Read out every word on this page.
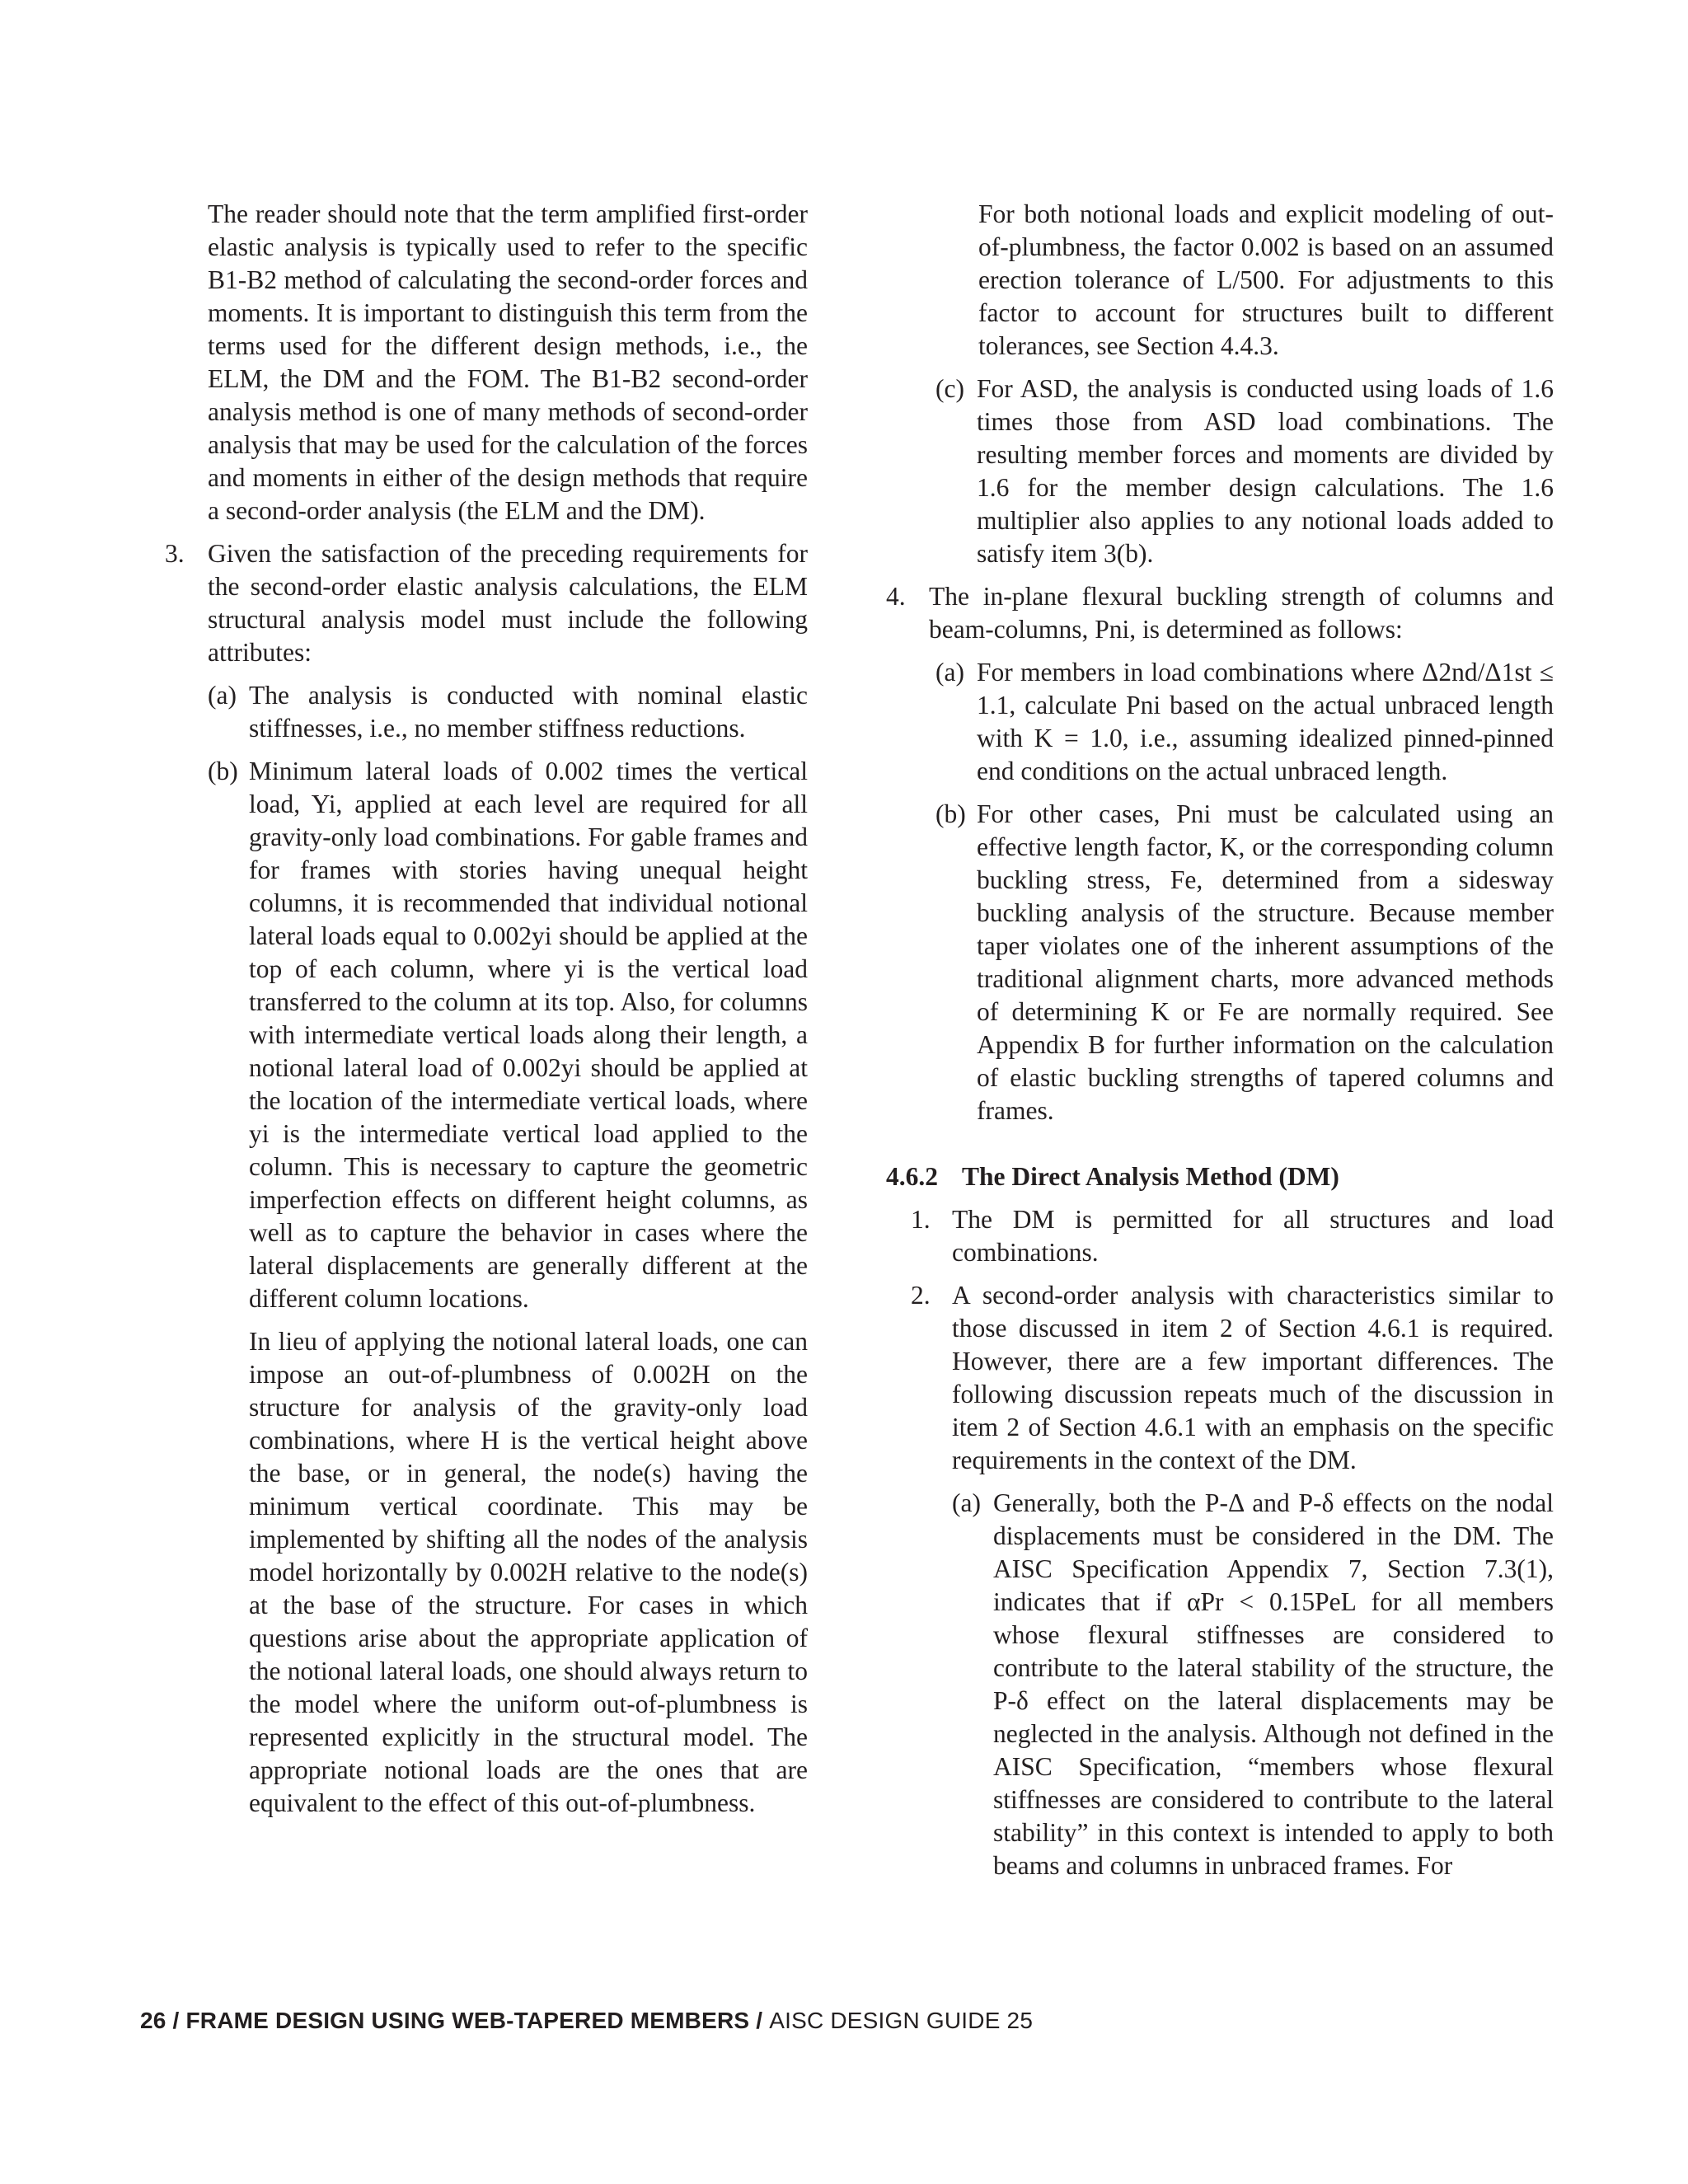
The reader should note that the term amplified first-order elastic analysis is typically used to refer to the specific B1-B2 method of calculating the second-order forces and moments. It is important to distinguish this term from the terms used for the different design methods, i.e., the ELM, the DM and the FOM. The B1-B2 second-order analysis method is one of many methods of second-order analysis that may be used for the calculation of the forces and moments in either of the design methods that require a second-order analysis (the ELM and the DM).

3. Given the satisfaction of the preceding requirements for the second-order elastic analysis calculations, the ELM structural analysis model must include the following attributes:

(a) The analysis is conducted with nominal elastic stiffnesses, i.e., no member stiffness reductions.

(b) Minimum lateral loads of 0.002 times the vertical load, Yi, applied at each level are required for all gravity-only load combinations. For gable frames and for frames with stories having unequal height columns, it is recommended that individual notional lateral loads equal to 0.002yi should be applied at the top of each column, where yi is the vertical load transferred to the column at its top. Also, for columns with intermediate vertical loads along their length, a notional lateral load of 0.002yi should be applied at the location of the intermediate vertical loads, where yi is the intermediate vertical load applied to the column. This is necessary to capture the geometric imperfection effects on different height columns, as well as to capture the behavior in cases where the lateral displacements are generally different at the different column locations.

In lieu of applying the notional lateral loads, one can impose an out-of-plumbness of 0.002H on the structure for analysis of the gravity-only load combinations, where H is the vertical height above the base, or in general, the node(s) having the minimum vertical coordinate. This may be implemented by shifting all the nodes of the analysis model horizontally by 0.002H relative to the node(s) at the base of the structure. For cases in which questions arise about the appropriate application of the notional lateral loads, one should always return to the model where the uniform out-of-plumbness is represented explicitly in the structural model. The appropriate notional loads are the ones that are equivalent to the effect of this out-of-plumbness.

For both notional loads and explicit modeling of out-of-plumbness, the factor 0.002 is based on an assumed erection tolerance of L/500. For adjustments to this factor to account for structures built to different tolerances, see Section 4.4.3.

(c) For ASD, the analysis is conducted using loads of 1.6 times those from ASD load combinations. The resulting member forces and moments are divided by 1.6 for the member design calculations. The 1.6 multiplier also applies to any notional loads added to satisfy item 3(b).

4. The in-plane flexural buckling strength of columns and beam-columns, Pni, is determined as follows:

(a) For members in load combinations where Δ2nd/Δ1st ≤ 1.1, calculate Pni based on the actual unbraced length with K = 1.0, i.e., assuming idealized pinned-pinned end conditions on the actual unbraced length.

(b) For other cases, Pni must be calculated using an effective length factor, K, or the corresponding column buckling stress, Fe, determined from a sidesway buckling analysis of the structure. Because member taper violates one of the inherent assumptions of the traditional alignment charts, more advanced methods of determining K or Fe are normally required. See Appendix B for further information on the calculation of elastic buckling strengths of tapered columns and frames.

4.6.2 The Direct Analysis Method (DM)
1. The DM is permitted for all structures and load combinations.

2. A second-order analysis with characteristics similar to those discussed in item 2 of Section 4.6.1 is required. However, there are a few important differences. The following discussion repeats much of the discussion in item 2 of Section 4.6.1 with an emphasis on the specific requirements in the context of the DM.

(a) Generally, both the P-Δ and P-δ effects on the nodal displacements must be considered in the DM. The AISC Specification Appendix 7, Section 7.3(1), indicates that if αPr < 0.15PeL for all members whose flexural stiffnesses are considered to contribute to the lateral stability of the structure, the P-δ effect on the lateral displacements may be neglected in the analysis. Although not defined in the AISC Specification, “members whose flexural stiffnesses are considered to contribute to the lateral stability” in this context is intended to apply to both beams and columns in unbraced frames. For

26 / FRAME DESIGN USING WEB-TAPERED MEMBERS / AISC DESIGN GUIDE 25
